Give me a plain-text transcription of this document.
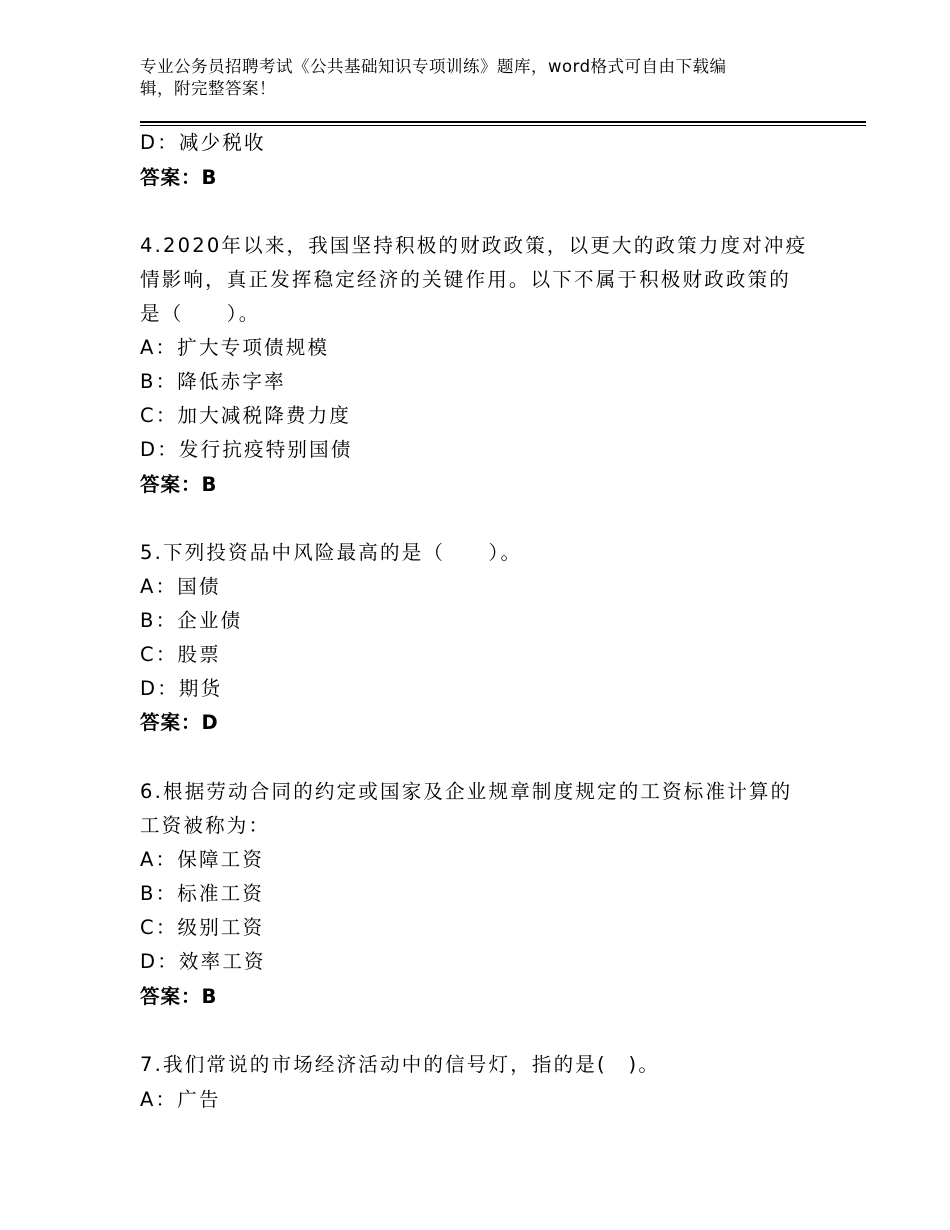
专业公务员招聘考试《公共基础知识专项训练》题库，word格式可自由下载编
辑，附完整答案！
D：减少税收
答案：B
4.2020年以来，我国坚持积极的财政政策，以更大的政策力度对冲疫
情影响，真正发挥稳定经济的关键作用。以下不属于积极财政政策的
是（　　）。
A：扩大专项债规模
B：降低赤字率
C：加大减税降费力度
D：发行抗疫特别国债
答案：B
5.下列投资品中风险最高的是（　　）。
A：国债
B：企业债
C：股票
D：期货
答案：D
6.根据劳动合同的约定或国家及企业规章制度规定的工资标准计算的
工资被称为：
A：保障工资
B：标准工资
C：级别工资
D：效率工资
答案：B
7.我们常说的市场经济活动中的信号灯，指的是(　)。
A：广告
